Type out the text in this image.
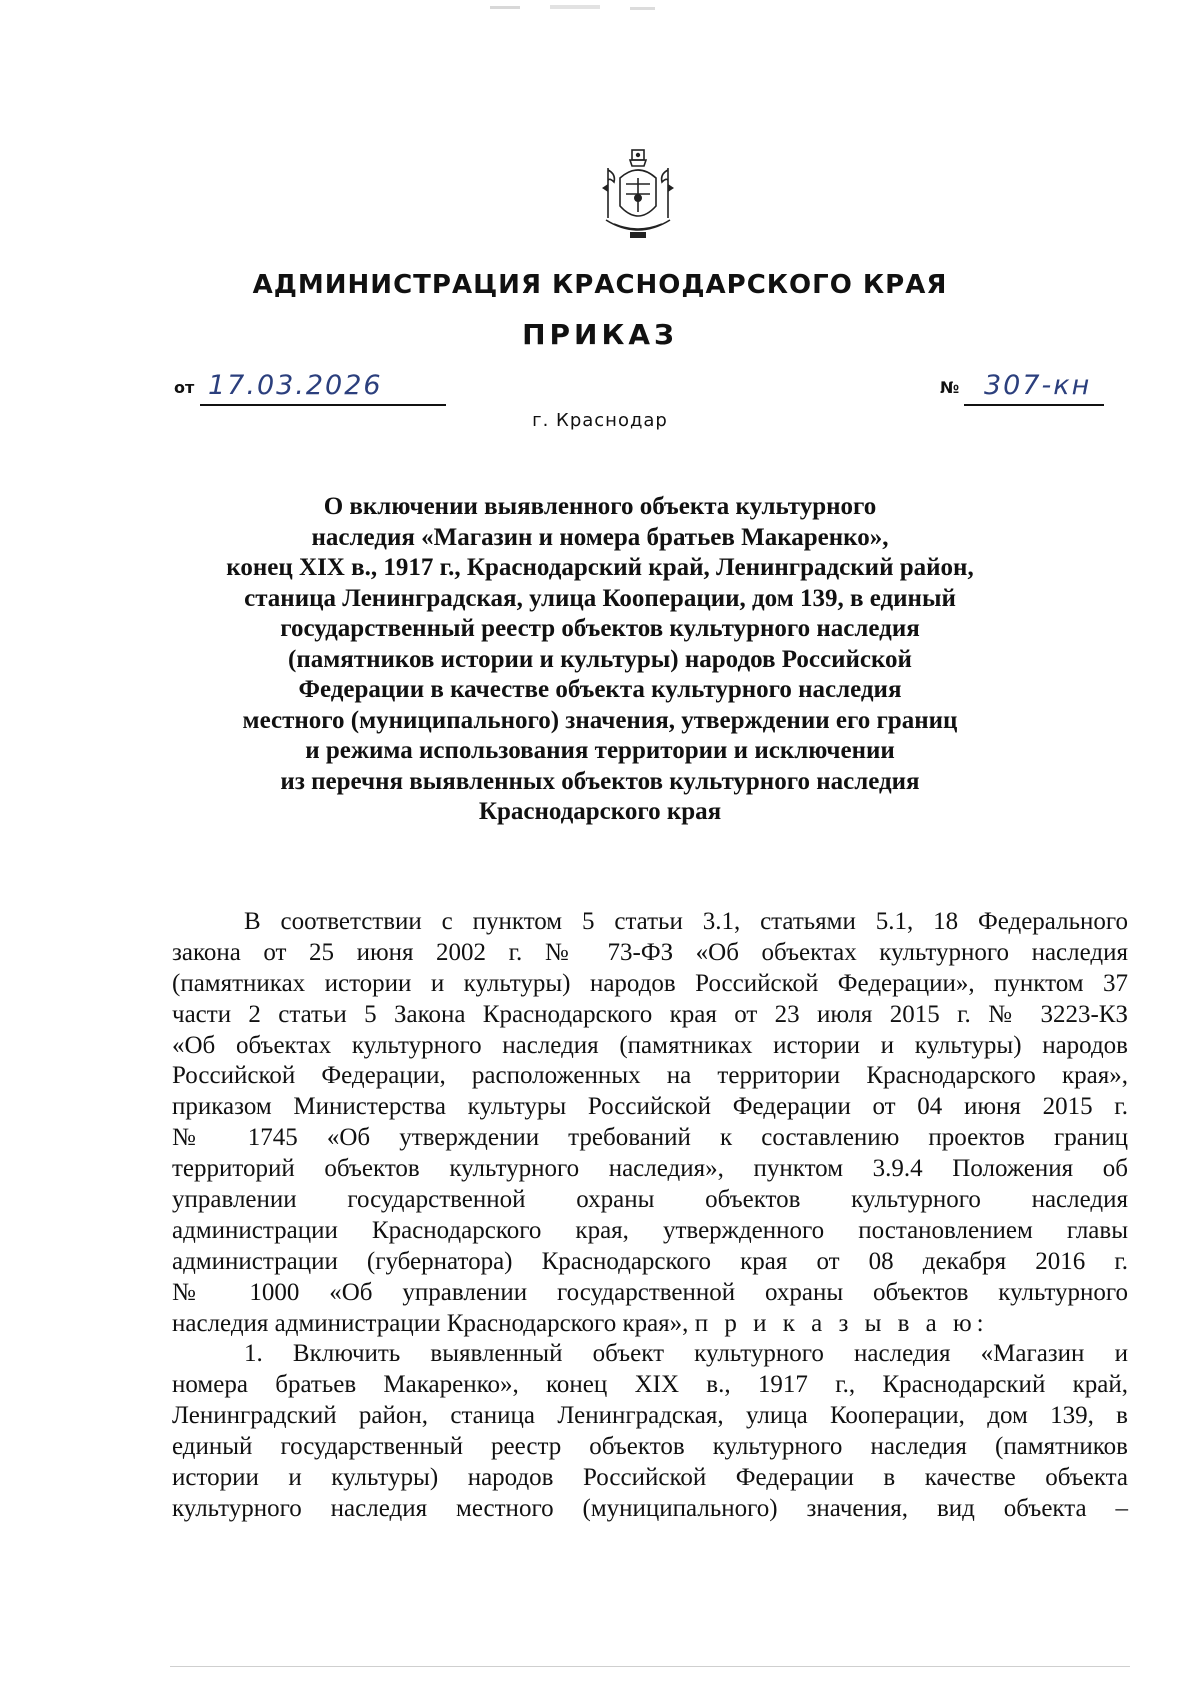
АДМИНИСТРАЦИЯ КРАСНОДАРСКОГО КРАЯ
ПРИКАЗ
от 17.03.2026	№ 307-кн
г. Краснодар
О включении выявленного объекта культурного
наследия «Магазин и номера братьев Макаренко»,
конец XIX в., 1917 г., Краснодарский край, Ленинградский район,
станица Ленинградская, улица Кооперации, дом 139, в единый
государственный реестр объектов культурного наследия
(памятников истории и культуры) народов Российской
Федерации в качестве объекта культурного наследия
местного (муниципального) значения, утверждении его границ
и режима использования территории и исключении
из перечня выявленных объектов культурного наследия
Краснодарского края
В соответствии с пунктом 5 статьи 3.1, статьями 5.1, 18 Федерального
закона от 25 июня 2002 г. № 73-ФЗ «Об объектах культурного наследия
(памятниках истории и культуры) народов Российской Федерации», пунктом 37
части 2 статьи 5 Закона Краснодарского края от 23 июля 2015 г. № 3223-КЗ
«Об объектах культурного наследия (памятниках истории и культуры) народов
Российской Федерации, расположенных на территории Краснодарского края»,
приказом Министерства культуры Российской Федерации от 04 июня 2015 г.
№ 1745 «Об утверждении требований к составлению проектов границ
территорий объектов культурного наследия», пунктом 3.9.4 Положения об
управлении государственной охраны объектов культурного наследия
администрации Краснодарского края, утвержденного постановлением главы
администрации (губернатора) Краснодарского края от 08 декабря 2016 г.
№ 1000 «Об управлении государственной охраны объектов культурного
наследия администрации Краснодарского края», п р и к а з ы в а ю:
1. Включить выявленный объект культурного наследия «Магазин и
номера братьев Макаренко», конец XIX в., 1917 г., Краснодарский край,
Ленинградский район, станица Ленинградская, улица Кооперации, дом 139, в
единый государственный реестр объектов культурного наследия (памятников
истории и культуры) народов Российской Федерации в качестве объекта
культурного наследия местного (муниципального) значения, вид объекта –
